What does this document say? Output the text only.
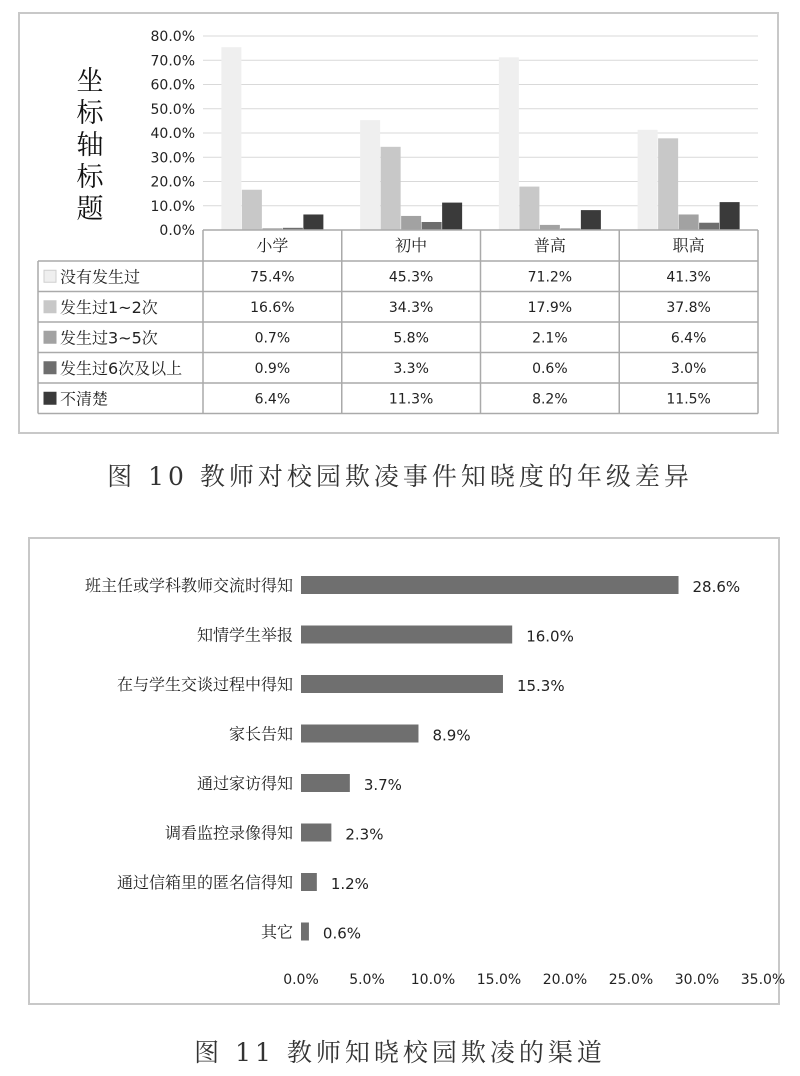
坐
标
轴
标
题
0.0%
10.0%
20.0%
30.0%
40.0%
50.0%
60.0%
70.0%
80.0%
小学	初中	普高	职高
没有发生过	75.4%	45.3%	71.2%	41.3%
发生过1~2次	16.6%	34.3%	17.9%	37.8%
发生过3~5次	0.7%	5.8%	2.1%	6.4%
发生过6次及以上	0.9%	3.3%	0.6%	3.0%
不清楚	6.4%	11.3%	8.2%	11.5%
0.0% 5.0% 10.0% 15.0% 20.0% 25.0% 30.0% 35.0%
班主任或学科教师交流时得知	28.6%
知情学生举报	16.0%
在与学生交谈过程中得知	15.3%
家长告知	8.9%
通过家访得知	3.7%
调看监控录像得知	2.3%
通过信箱里的匿名信得知	1.2%
其它 0.6%
图 10 教师对校园欺凌事件知晓度的年级差异
图 11 教师知晓校园欺凌的渠道
